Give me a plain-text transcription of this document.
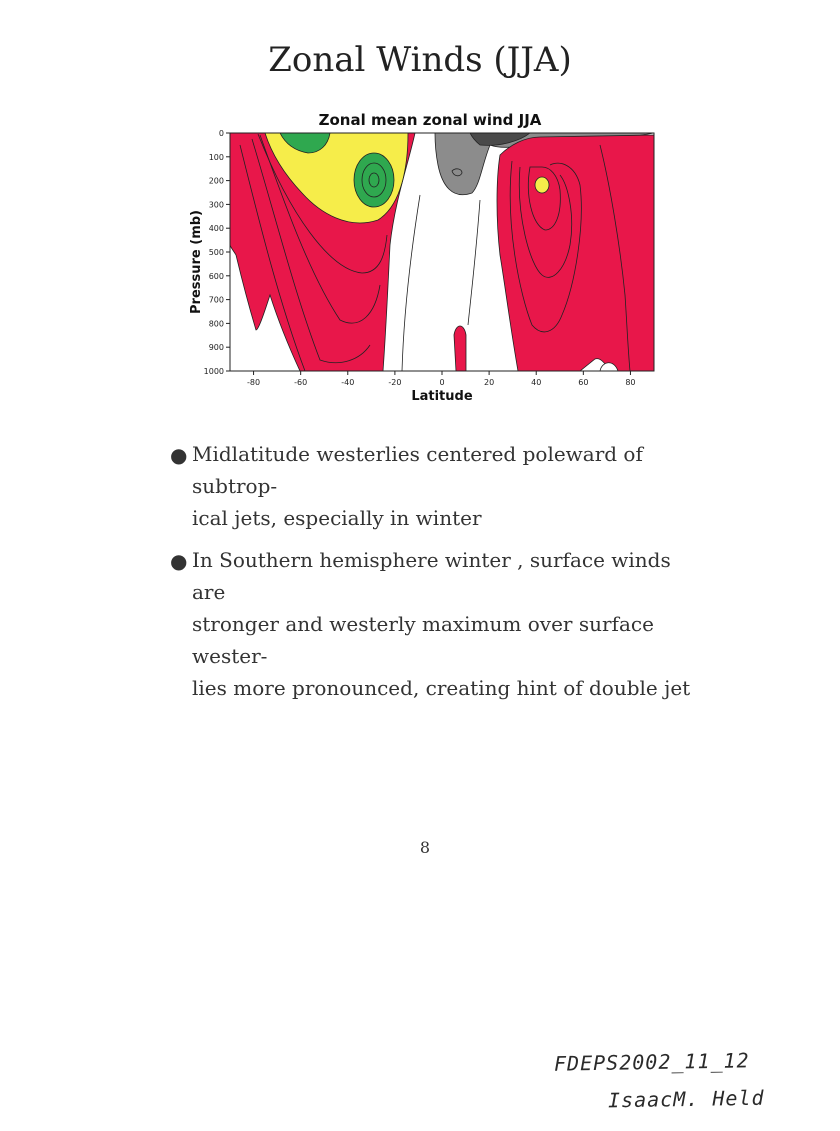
Zonal Winds (JJA)
Zonal mean zonal wind JJA
-80	-60	-40	-20	0	20	40	60	80
0
100
200
300
400
500
600
700
800
900
1000
Latitude
Pressure (mb)
● Midlatitude westerlies centered poleward of subtrop-
ical jets, especially in winter
● In Southern hemisphere winter , surface winds are
stronger and westerly maximum over surface wester-
lies more pronounced, creating hint of double jet
8
FDEPS2002_11_12
IsaacM. Held
